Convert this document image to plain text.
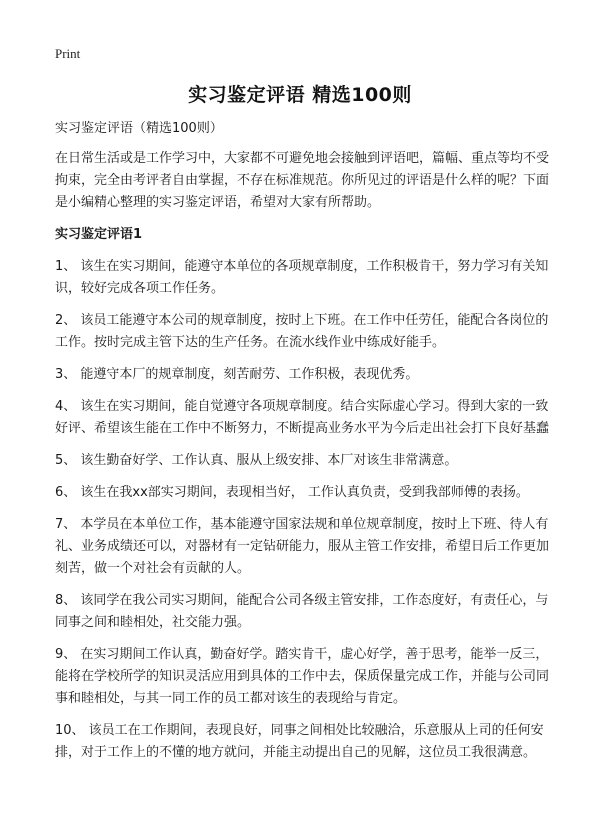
Print
实习鉴定评语 精选100则

实习鉴定评语（精选100则）

在日常生活或是工作学习中，大家都不可避免地会接触到评语吧，篇幅、重点等均不受拘束，完全由考评者自由掌握，不存在标准规范。你所见过的评语是什么样的呢？下面是小编精心整理的实习鉴定评语，希望对大家有所帮助。

实习鉴定评语1

1、 该生在实习期间，能遵守本单位的各项规章制度，工作积极肯干，努力学习有关知识，较好完成各项工作任务。

2、 该员工能遵守本公司的规章制度，按时上下班。在工作中任劳任，能配合各岗位的工作。按时完成主管下达的生产任务。在流水线作业中练成好能手。

3、 能遵守本厂的规章制度，刻苦耐劳、工作积极，表现优秀。

4、 该生在实习期间，能自觉遵守各项规章制度。结合实际虚心学习。得到大家的一致好评、希望该生能在工作中不断努力，不断提高业务水平为今后走出社会打下良好基蠢

5、 该生勤奋好学、工作认真、服从上级安排、本厂对该生非常满意。

6、 该生在我xx部实习期间，表现相当好， 工作认真负责，受到我部师傅的表扬。

7、 本学员在本单位工作，基本能遵守国家法规和单位规章制度，按时上下班、待人有礼、业务成绩还可以，对器材有一定钻研能力，服从主管工作安排，希望日后工作更加刻苦，做一个对社会有贡献的人。

8、 该同学在我公司实习期间，能配合公司各级主管安排，工作态度好，有责任心，与同事之间和睦相处，社交能力强。

9、 在实习期间工作认真，勤奋好学。踏实肯干，虚心好学，善于思考，能举一反三，能将在学校所学的知识灵活应用到具体的工作中去，保质保量完成工作，并能与公司同事和睦相处，与其一同工作的员工都对该生的表现给与肯定。

10、 该员工在工作期间，表现良好，同事之间相处比较融洽，乐意服从上司的任何安排，对于工作上的不懂的地方就问，并能主动提出自己的见解，这位员工我很满意。
